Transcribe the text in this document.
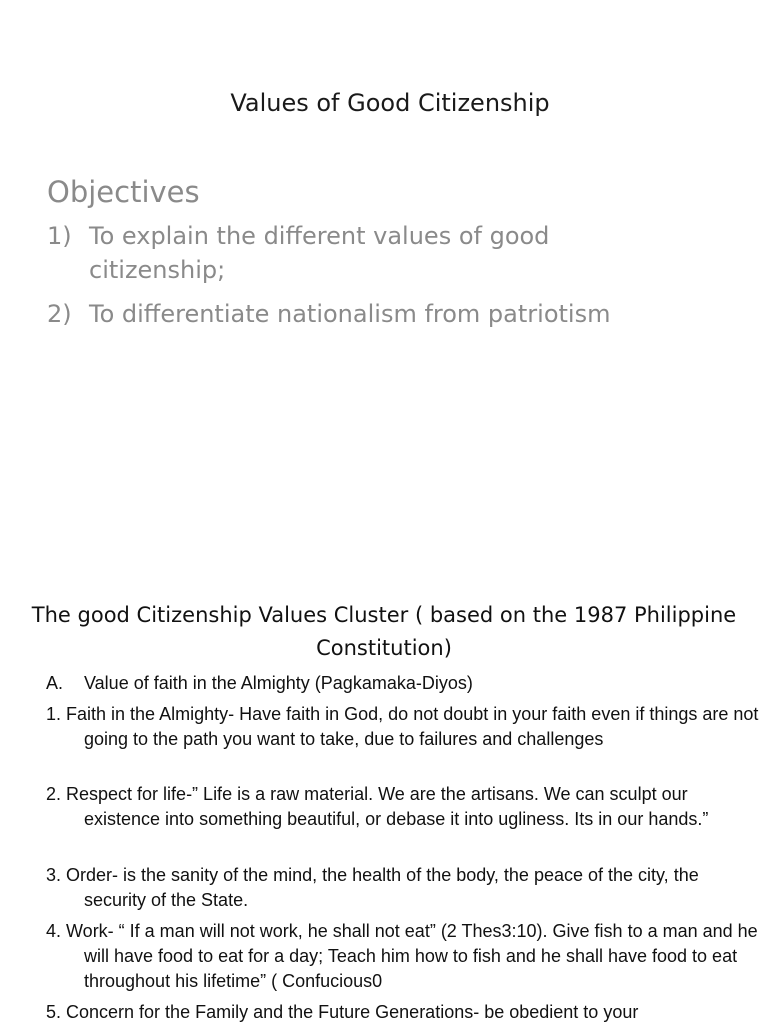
Values of Good Citizenship
Objectives
1) To explain the different values of good citizenship;
2) To differentiate nationalism from patriotism
The good Citizenship Values Cluster ( based on the 1987 Philippine Constitution)
A. Value of faith in the Almighty (Pagkamaka-Diyos)
1. Faith in the Almighty- Have faith in God, do not doubt in your faith even if things are not going to the path you want to take, due to failures and challenges
2. Respect for life-” Life is a raw material. We are the artisans. We can sculpt our existence into something beautiful, or debase it into ugliness. Its in our hands.”
3. Order- is the sanity of the mind, the health of the body, the peace of the city, the security of the State.
4. Work- “ If a man will not work, he shall not eat” (2 Thes3:10). Give fish to a man and he will have food to eat for a day; Teach him how to fish and he shall have food to eat throughout his lifetime” ( Confucious0
5. Concern for the Family and the Future Generations- be obedient to your
